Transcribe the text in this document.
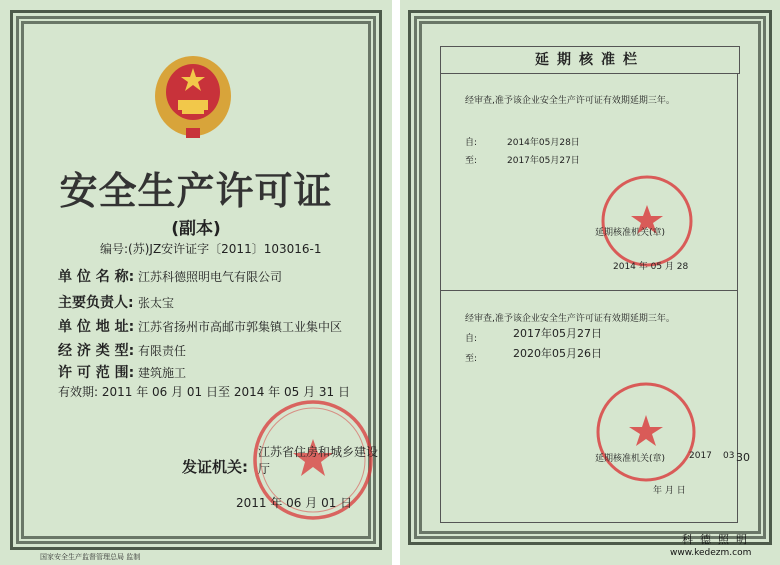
安全生产许可证
(副本)
编号:(苏)JZ安许证字〔2011〕103016-1
单 位 名 称: 江苏科德照明电气有限公司
主要负责人: 张太宝
单 位 地 址: 江苏省扬州市高邮市郭集镇工业集中区
经 济 类 型: 有限责任
许 可 范 围: 建筑施工
有效期: 2011 年 06 月 01 日至 2014 年 05 月 31 日
发证机关:
江苏省住房和城乡建设厅
2011 年 06 月 01 日
国家安全生产监督管理总局 监制
延期核准栏
经审查,准予该企业安全生产许可证有效期延期三年。
自:	2014年05月28日
至:	2017年05月27日
延期核准机关(章)
2014 年 05 月 28
经审查,准予该企业安全生产许可证有效期延期三年。
自:	2017年05月27日
至:	2020年05月26日
延期核准机关(章)	2017 03
年 月 日
30
科德照明
www.kedezm.com
